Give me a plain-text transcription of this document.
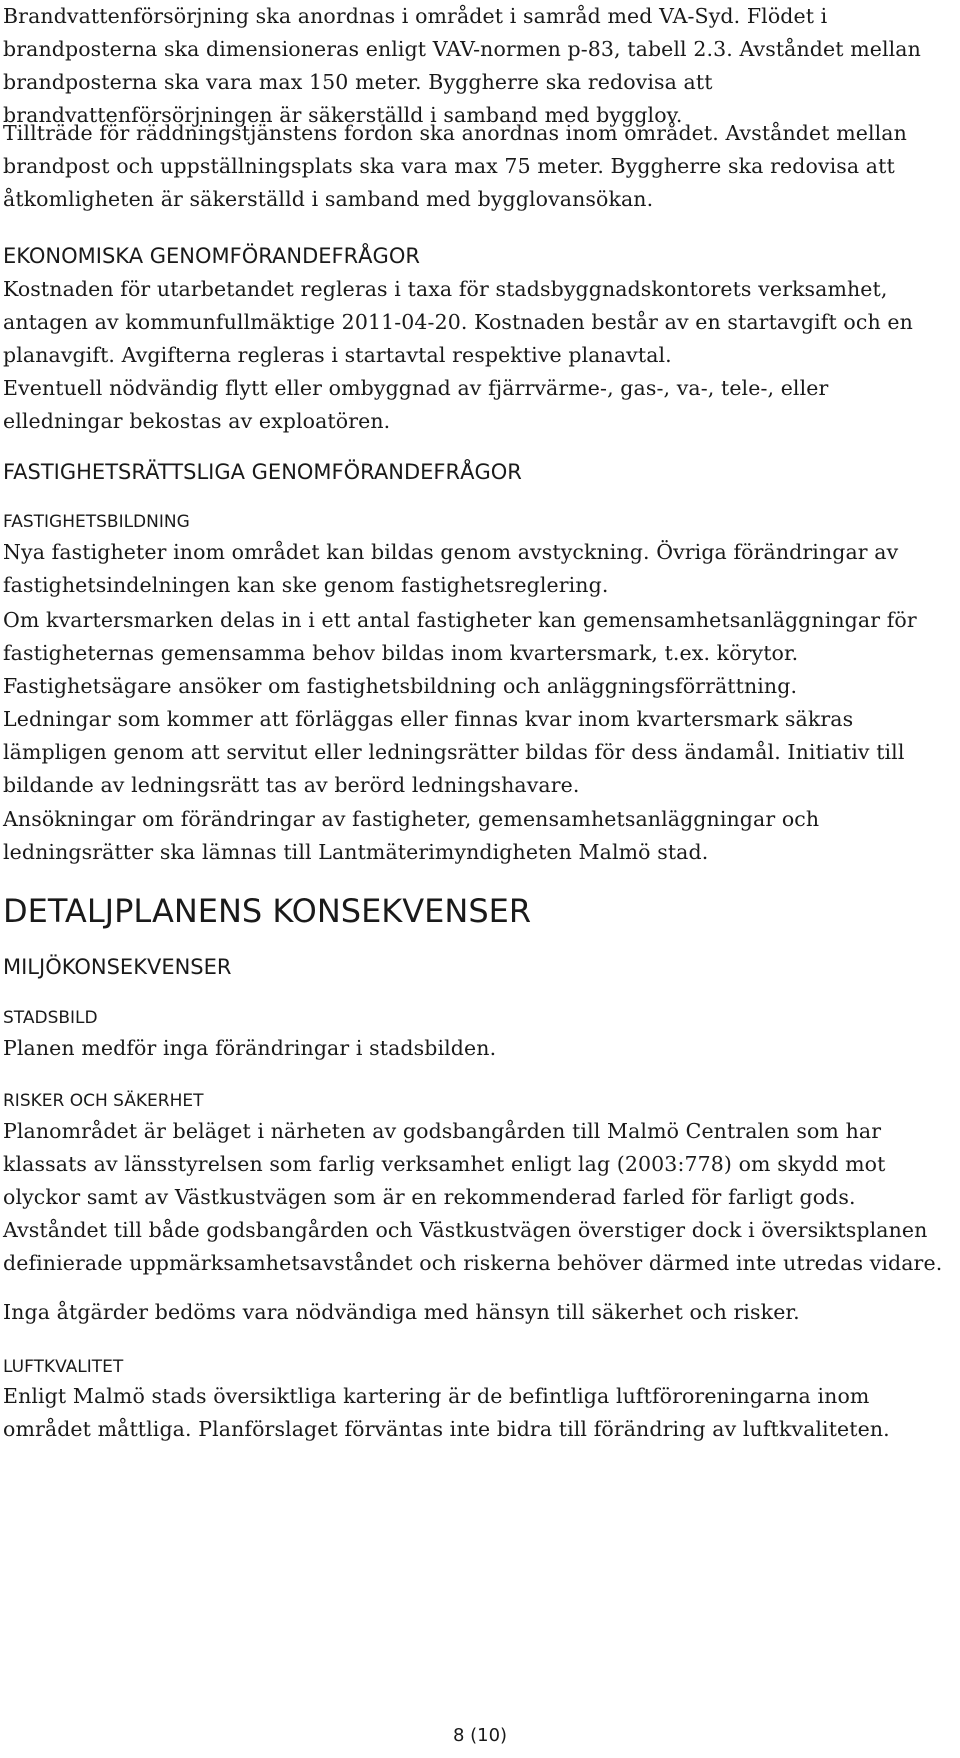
Brandvattenförsörjning ska anordnas i området i samråd med VA-Syd. Flödet i brandposterna ska dimensioneras enligt VAV-normen p-83, tabell 2.3. Avståndet mellan brandposterna ska vara max 150 meter. Byggherre ska redovisa att brandvattenförsörjningen är säkerställd i samband med bygglov.

Tillträde för räddningstjänstens fordon ska anordnas inom området. Avståndet mellan brandpost och uppställningsplats ska vara max 75 meter. Byggherre ska redovisa att åtkomligheten är säkerställd i samband med bygglovansökan.

EKONOMISKA GENOMFÖRANDEFRÅGOR

Kostnaden för utarbetandet regleras i taxa för stadsbyggnadskontorets verksamhet, antagen av kommunfullmäktige 2011-04-20. Kostnaden består av en startavgift och en planavgift. Avgifterna regleras i startavtal respektive planavtal.

Eventuell nödvändig flytt eller ombyggnad av fjärrvärme-, gas-, va-, tele-, eller elledningar bekostas av exploatören.

FASTIGHETSRÄTTSLIGA GENOMFÖRANDEFRÅGOR
FASTIGHETSBILDNING

Nya fastigheter inom området kan bildas genom avstyckning. Övriga förändringar av fastighetsindelningen kan ske genom fastighetsreglering.

Om kvartersmarken delas in i ett antal fastigheter kan gemensamhetsanläggningar för fastigheternas gemensamma behov bildas inom kvartersmark, t.ex. körytor. Fastighetsägare ansöker om fastighetsbildning och anläggningsförrättning.

Ledningar som kommer att förläggas eller finnas kvar inom kvartersmark säkras lämpligen genom att servitut eller ledningsrätter bildas för dess ändamål. Initiativ till bildande av ledningsrätt tas av berörd ledningshavare.

Ansökningar om förändringar av fastigheter, gemensamhetsanläggningar och ledningsrätter ska lämnas till Lantmäterimyndigheten Malmö stad.

DETALJPLANENS KONSEKVENSER
MILJÖKONSEKVENSER
STADSBILD

Planen medför inga förändringar i stadsbilden.

RISKER OCH SÄKERHET

Planområdet är beläget i närheten av godsbangården till Malmö Centralen som har klassats av länsstyrelsen som farlig verksamhet enligt lag (2003:778) om skydd mot olyckor samt av Västkustvägen som är en rekommenderad farled för farligt gods. Avståndet till både godsbangården och Västkustvägen överstiger dock i översiktsplanen definierade uppmärksamhetsavståndet och riskerna behöver därmed inte utredas vidare.

Inga åtgärder bedöms vara nödvändiga med hänsyn till säkerhet och risker.

LUFTKVALITET

Enligt Malmö stads översiktliga kartering är de befintliga luftföroreningarna inom området måttliga. Planförslaget förväntas inte bidra till förändring av luftkvaliteten.

8 (10)
